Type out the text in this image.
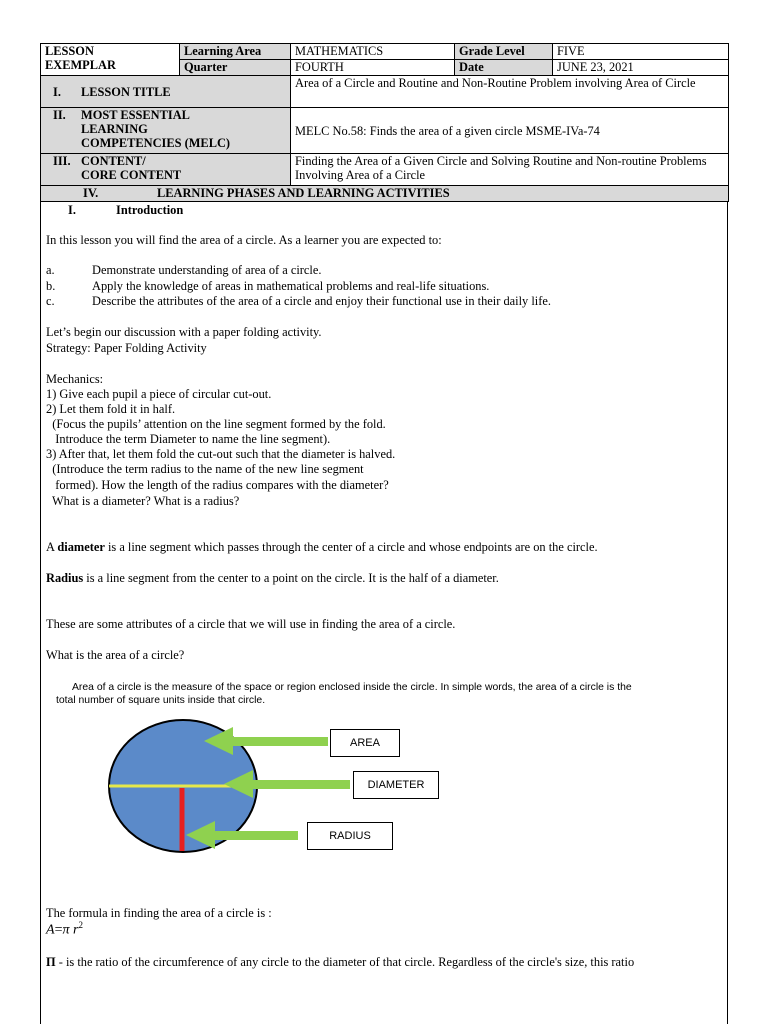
LESSON
EXEMPLAR	Learning Area	MATHEMATICS	Grade Level	FIVE
	Quarter	FOURTH	Date	JUNE 23, 2021
I. LESSON TITLE		Area of a Circle and Routine and Non-Routine Problem involving Area of Circle		

II. MOST ESSENTIAL
LEARNING
COMPETENCIES (MELC)		MELC No.58: Finds the area of a given circle MSME-IVa-74		

III. CONTENT/
CORE CONTENT		Finding the Area of a Given Circle and Solving Routine and Non-routine Problems Involving Area of a Circle		
IV. LEARNING PHASES AND LEARNING ACTIVITIES				
I.	Introduction
In this lesson you will find the area of a circle. As a learner you are expected to:
a.	Demonstrate understanding of area of a circle.
b.	Apply the knowledge of areas in mathematical problems and real-life situations.
c.	Describe the attributes of the area of a circle and enjoy their functional use in their daily life.
Let’s begin our discussion with a paper folding activity.
Strategy: Paper Folding Activity
Mechanics:
1) Give each pupil a piece of circular cut-out.
2) Let them fold it in half.
(Focus the pupils’ attention on the line segment formed by the fold.
Introduce the term Diameter to name the line segment).
3) After that, let them fold the cut-out such that the diameter is halved.
(Introduce the term radius to the name of the new line segment
formed). How the length of the radius compares with the diameter?
What is a diameter? What is a radius?
A diameter is a line segment which passes through the center of a circle and whose endpoints are on the circle.
Radius is a line segment from the center to a point on the circle. It is the half of a diameter.
These are some attributes of a circle that we will use in finding the area of a circle.
What is the area of a circle?
Area of a circle is the measure of the space or region enclosed inside the circle. In simple words, the area of a circle is the
total number of square units inside that circle.
AREA
DIAMETER
RADIUS
The formula in finding the area of a circle is :
A=π $r^2$
Π - is the ratio of the circumference of any circle to the diameter of that circle. Regardless of the circle's size, this ratio
